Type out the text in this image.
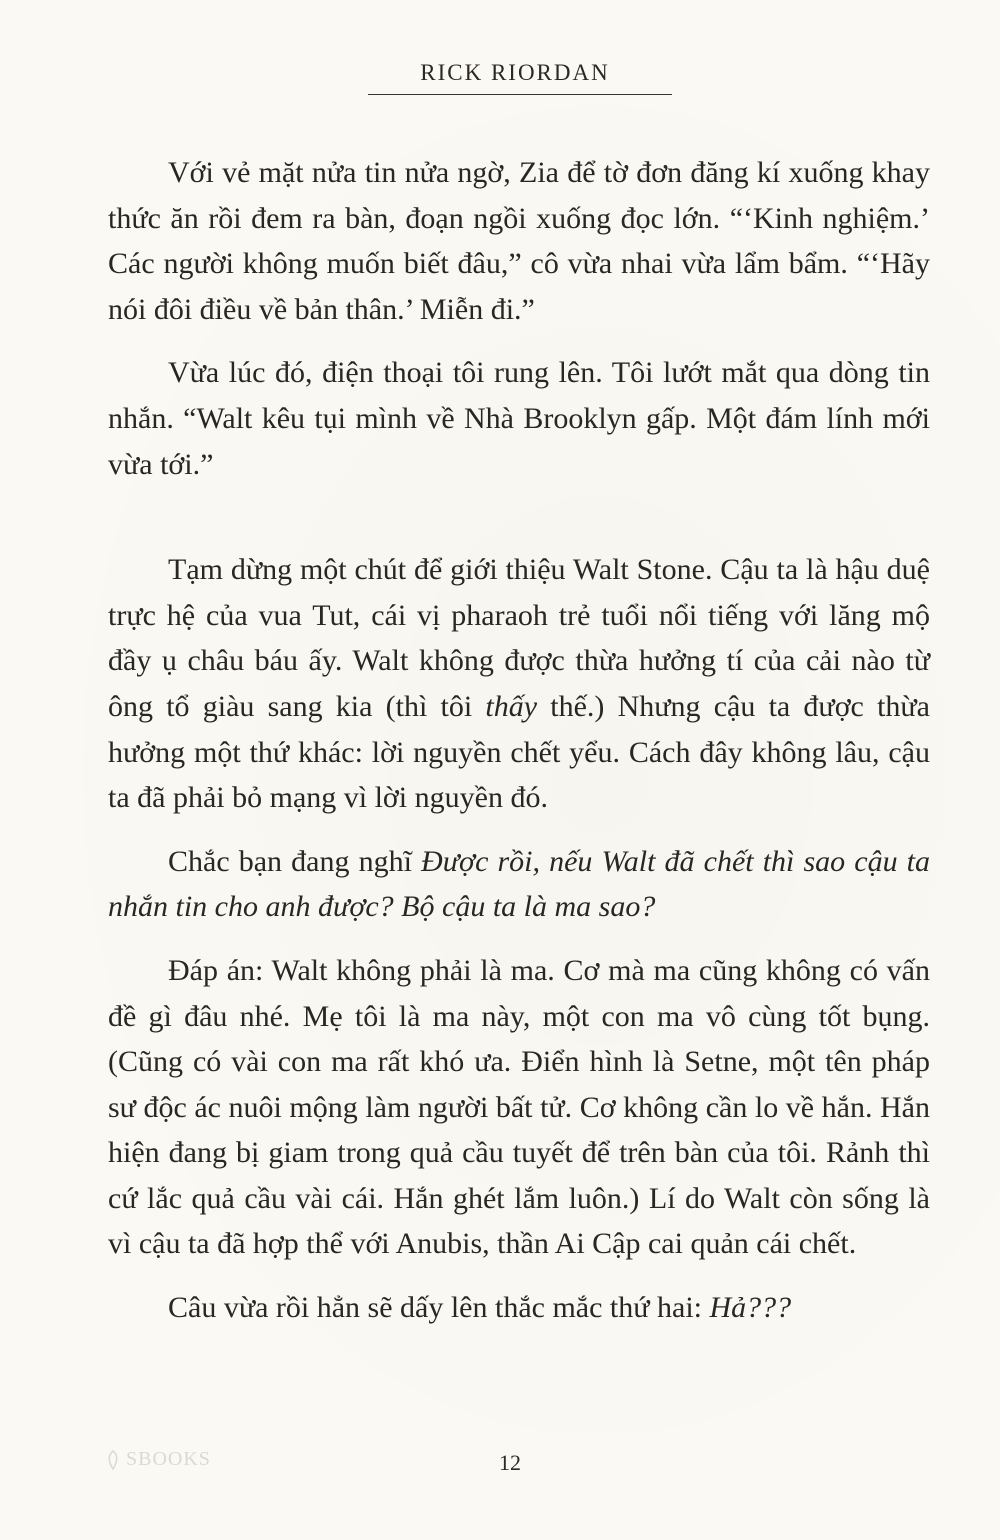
RICK RIORDAN

Với vẻ mặt nửa tin nửa ngờ, Zia để tờ đơn đăng kí xuống khay thức ăn rồi đem ra bàn, đoạn ngồi xuống đọc lớn. “‘Kinh nghiệm.’ Các người không muốn biết đâu,” cô vừa nhai vừa lẩm bẩm. “‘Hãy nói đôi điều về bản thân.’ Miễn đi.”

Vừa lúc đó, điện thoại tôi rung lên. Tôi lướt mắt qua dòng tin nhắn. “Walt kêu tụi mình về Nhà Brooklyn gấp. Một đám lính mới vừa tới.”

Tạm dừng một chút để giới thiệu Walt Stone. Cậu ta là hậu duệ trực hệ của vua Tut, cái vị pharaoh trẻ tuổi nổi tiếng với lăng mộ đầy ụ châu báu ấy. Walt không được thừa hưởng tí của cải nào từ ông tổ giàu sang kia (thì tôi thấy thế.) Nhưng cậu ta được thừa hưởng một thứ khác: lời nguyền chết yểu. Cách đây không lâu, cậu ta đã phải bỏ mạng vì lời nguyền đó.

Chắc bạn đang nghĩ Được rồi, nếu Walt đã chết thì sao cậu ta nhắn tin cho anh được? Bộ cậu ta là ma sao?

Đáp án: Walt không phải là ma. Cơ mà ma cũng không có vấn đề gì đâu nhé. Mẹ tôi là ma này, một con ma vô cùng tốt bụng. (Cũng có vài con ma rất khó ưa. Điển hình là Setne, một tên pháp sư độc ác nuôi mộng làm người bất tử. Cơ không cần lo về hắn. Hắn hiện đang bị giam trong quả cầu tuyết để trên bàn của tôi. Rảnh thì cứ lắc quả cầu vài cái. Hắn ghét lắm luôn.) Lí do Walt còn sống là vì cậu ta đã hợp thể với Anubis, thần Ai Cập cai quản cái chết.

Câu vừa rồi hẳn sẽ dấy lên thắc mắc thứ hai: Hả???

SBOOKS	12
